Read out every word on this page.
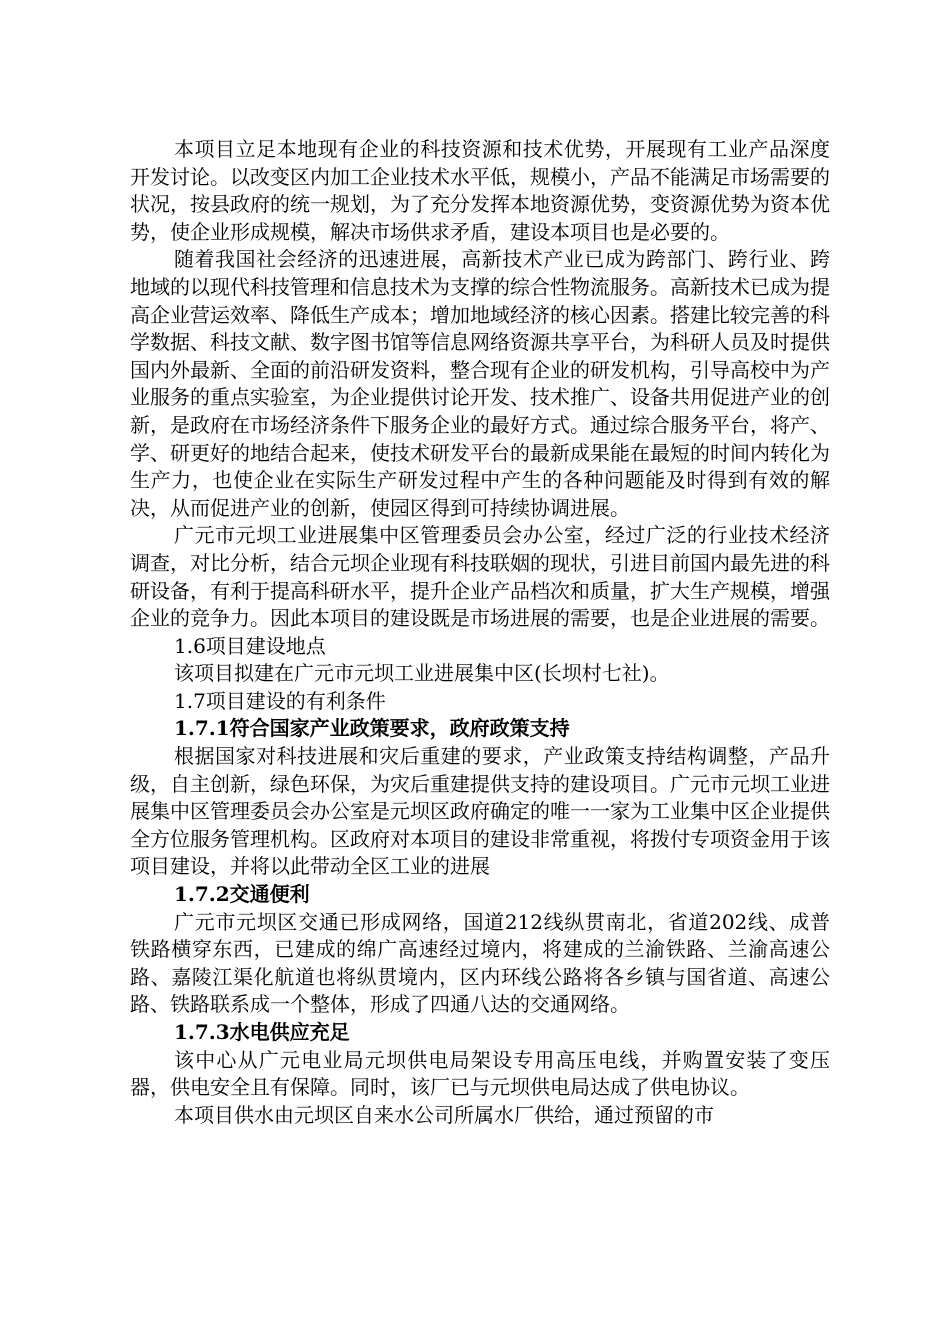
本项目立足本地现有企业的科技资源和技术优势，开展现有工业产品深度开发讨论。以改变区内加工企业技术水平低，规模小，产品不能满足市场需要的状况，按县政府的统一规划，为了充分发挥本地资源优势，变资源优势为资本优势，使企业形成规模，解决市场供求矛盾，建设本项目也是必要的。

随着我国社会经济的迅速进展，高新技术产业已成为跨部门、跨行业、跨地域的以现代科技管理和信息技术为支撑的综合性物流服务。高新技术已成为提高企业营运效率、降低生产成本；增加地域经济的核心因素。搭建比较完善的科学数据、科技文献、数字图书馆等信息网络资源共享平台，为科研人员及时提供国内外最新、全面的前沿研发资料，整合现有企业的研发机构，引导高校中为产业服务的重点实验室，为企业提供讨论开发、技术推广、设备共用促进产业的创新，是政府在市场经济条件下服务企业的最好方式。通过综合服务平台，将产、学、研更好的地结合起来，使技术研发平台的最新成果能在最短的时间内转化为生产力，也使企业在实际生产研发过程中产生的各种问题能及时得到有效的解决，从而促进产业的创新，使园区得到可持续协调进展。

广元市元坝工业进展集中区管理委员会办公室，经过广泛的行业技术经济调查，对比分析，结合元坝企业现有科技联姻的现状，引进目前国内最先进的科研设备，有利于提高科研水平，提升企业产品档次和质量，扩大生产规模，增强企业的竞争力。因此本项目的建设既是市场进展的需要，也是企业进展的需要。

1.6项目建设地点

该项目拟建在广元市元坝工业进展集中区(长坝村七社)。

1.7项目建设的有利条件

1.7.1符合国家产业政策要求，政府政策支持

根据国家对科技进展和灾后重建的要求，产业政策支持结构调整，产品升级，自主创新，绿色环保，为灾后重建提供支持的建设项目。广元市元坝工业进展集中区管理委员会办公室是元坝区政府确定的唯一一家为工业集中区企业提供全方位服务管理机构。区政府对本项目的建设非常重视，将拨付专项资金用于该项目建设，并将以此带动全区工业的进展

1.7.2交通便利

广元市元坝区交通已形成网络，国道212线纵贯南北，省道202线、成普铁路横穿东西，已建成的绵广高速经过境内，将建成的兰渝铁路、兰渝高速公路、嘉陵江渠化航道也将纵贯境内，区内环线公路将各乡镇与国省道、高速公路、铁路联系成一个整体，形成了四通八达的交通网络。

1.7.3水电供应充足

该中心从广元电业局元坝供电局架设专用高压电线，并购置安装了变压器，供电安全且有保障。同时，该厂已与元坝供电局达成了供电协议。

本项目供水由元坝区自来水公司所属水厂供给，通过预留的市
